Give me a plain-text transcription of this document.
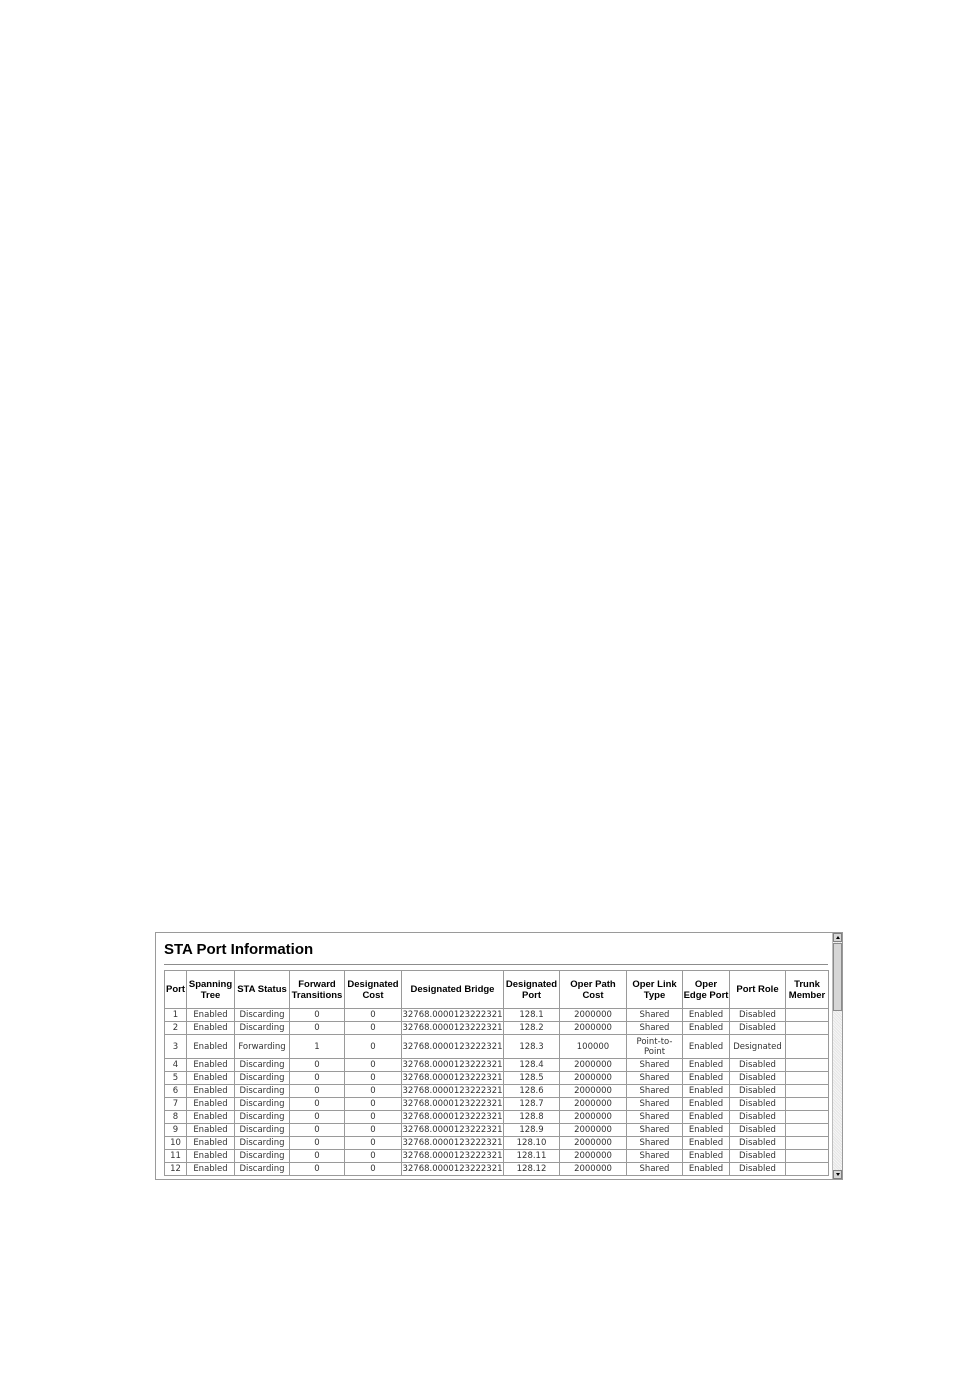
STA Port Information
Port	Spanning Tree	STA Status	Forward Transitions	Designated Cost	Designated Bridge	Designated Port	Oper Path Cost	Oper Link Type	Oper Edge Port	Port Role	Trunk Member
1	Enabled	Discarding	0	0	32768.0000123222321	128.1	2000000	Shared	Enabled	Disabled	
2	Enabled	Discarding	0	0	32768.0000123222321	128.2	2000000	Shared	Enabled	Disabled	
3	Enabled	Forwarding	1	0	32768.0000123222321	128.3	100000	Point-to-Point	Enabled	Designated	
4	Enabled	Discarding	0	0	32768.0000123222321	128.4	2000000	Shared	Enabled	Disabled	
5	Enabled	Discarding	0	0	32768.0000123222321	128.5	2000000	Shared	Enabled	Disabled	
6	Enabled	Discarding	0	0	32768.0000123222321	128.6	2000000	Shared	Enabled	Disabled	
7	Enabled	Discarding	0	0	32768.0000123222321	128.7	2000000	Shared	Enabled	Disabled	
8	Enabled	Discarding	0	0	32768.0000123222321	128.8	2000000	Shared	Enabled	Disabled	
9	Enabled	Discarding	0	0	32768.0000123222321	128.9	2000000	Shared	Enabled	Disabled	
10	Enabled	Discarding	0	0	32768.0000123222321	128.10	2000000	Shared	Enabled	Disabled	
11	Enabled	Discarding	0	0	32768.0000123222321	128.11	2000000	Shared	Enabled	Disabled	
12	Enabled	Discarding	0	0	32768.0000123222321	128.12	2000000	Shared	Enabled	Disabled	
